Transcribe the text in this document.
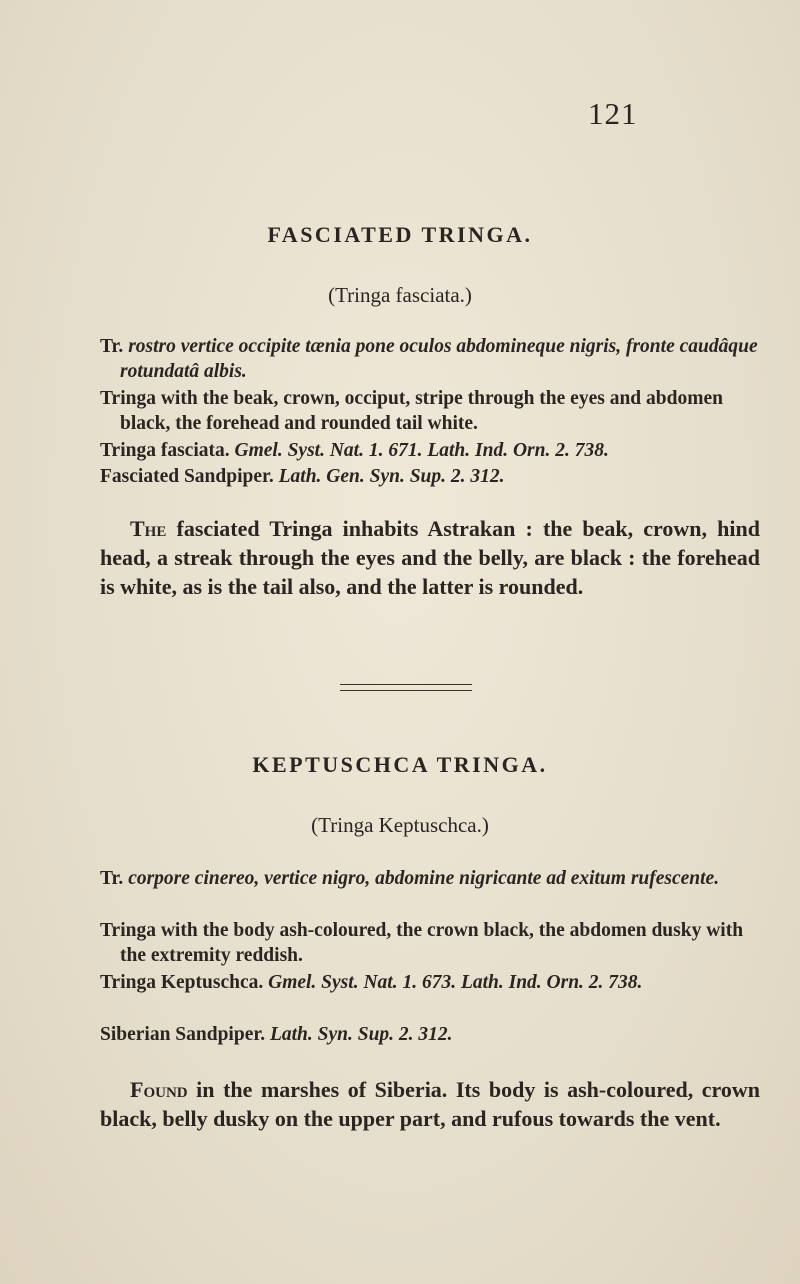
121
FASCIATED TRINGA.
(Tringa fasciata.)
Tr. rostro vertice occipite tænia pone oculos abdomineque nigris, fronte caudâque rotundatâ albis.
Tringa with the beak, crown, occiput, stripe through the eyes and abdomen black, the forehead and rounded tail white.
Tringa fasciata. Gmel. Syst. Nat. 1. 671. Lath. Ind. Orn. 2. 738.
Fasciated Sandpiper. Lath. Gen. Syn. Sup. 2. 312.
The fasciated Tringa inhabits Astrakan : the beak, crown, hind head, a streak through the eyes and the belly, are black : the forehead is white, as is the tail also, and the latter is rounded.
KEPTUSCHCA TRINGA.
(Tringa Keptuschca.)
Tr. corpore cinereo, vertice nigro, abdomine nigricante ad exitum rufescente.
Tringa with the body ash-coloured, the crown black, the abdomen dusky with the extremity reddish.
Tringa Keptuschca. Gmel. Syst. Nat. 1. 673. Lath. Ind. Orn. 2. 738.
Siberian Sandpiper. Lath. Syn. Sup. 2. 312.
Found in the marshes of Siberia. Its body is ash-coloured, crown black, belly dusky on the upper part, and rufous towards the vent.
